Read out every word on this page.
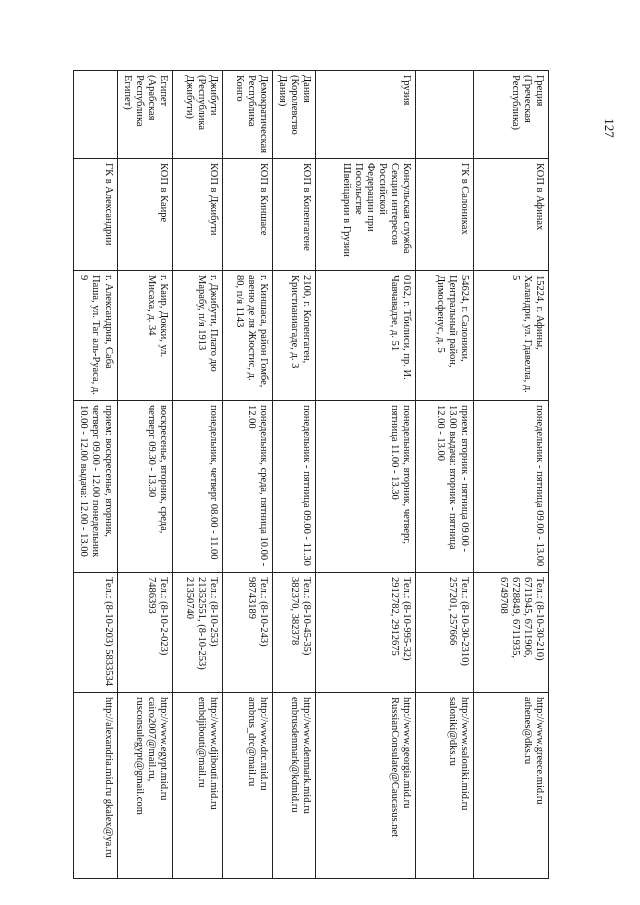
127
Греция (Греческая Республика)	КОП в Афинах	15224, г. Афины, Халандри, ул. Гдавелла, д. 5	понедельник - пятница 09.00 - 13.00	Тел.: (8-10-30-210) 6711945, 6711906, 6728849, 6711935, 6749708	http://www.greece.mid.ru athenes@dks.ru
	ГК в Салониках	54624, г. Салоники, Центральный район, Димосфенус, д. 5	прием: вторник - пятница 09.00 - 13.00 выдача: вторник - пятница 12.00 - 13.00	Тел.: (8-10-30-2310) 257201, 257666	http://www.saloniki.mid.ru saloniki@dks.ru
Грузия	Консульская служба Секции интересов Российской Федерации при Посольстве Швейцарии в Грузии	0162, г. Тбилиси, пр. И. Чавчавадзе, д. 51	понедельник, вторник, четверг, пятница 11.00 - 13.30	Тел.: (8-10-995-32) 2912782, 2912675	http://www.georgia.mid.ru RussianConsulate@Caucasus.net
Дания (Королевство Дания)	КОП в Копенгагене	2100, г. Копенгаген, Кристианиагаде, д. 3	понедельник - пятница 09.00 - 11.30	Тел.: (8-10-45-35) 382370, 382378	http://www.denmark.mid.ru embrusdenmark@kdmid.ru
Демократическая Республика Конго	КОП в Киншасе	г. Киншаса, район Гомбе, авеню де ля Жюстис, д. 80, п/я 1143	понедельник, среда, пятница 10.00 - 12.00	Тел.: (8-10-243) 98743189	http://www.drc.mid.ru ambrus_drc@mail.ru
Джибути (Республика Джибути)	КОП в Джибути	г. Джибути, Плато дю Марабу, п/я 1913	понедельник, четверг 08.00 - 11.00	Тел.: (8-10-253) 21352551, (8-10-253) 21350740	http://www.djibouti.mid.ru embdjibouti@mail.ru
Египет (Арабская Республика Египет)	КОП в Каире	г. Каир, Докки, ул. Мисаха, д. 34	воскресенье, вторник, среда, четверг 09.30 - 13.30	Тел.: (8-10-2-023) 7486393	http://www.egypt.mid.ru cairo2007@mail.ru, rusconsulegypt@gmail.com
	ГК в Александрии	г. Александрия, Саба Паша, ул. Таг аль-Руаса, д. 9	прием: воскресенье, вторник, четверг 09.00 - 12.00 понедельник 10.00 - 12.00 выдача: 12.00 - 13.00	Тел.: (8-10-203) 5833534	http://alexandria.mid.ru gkalex@ya.ru
